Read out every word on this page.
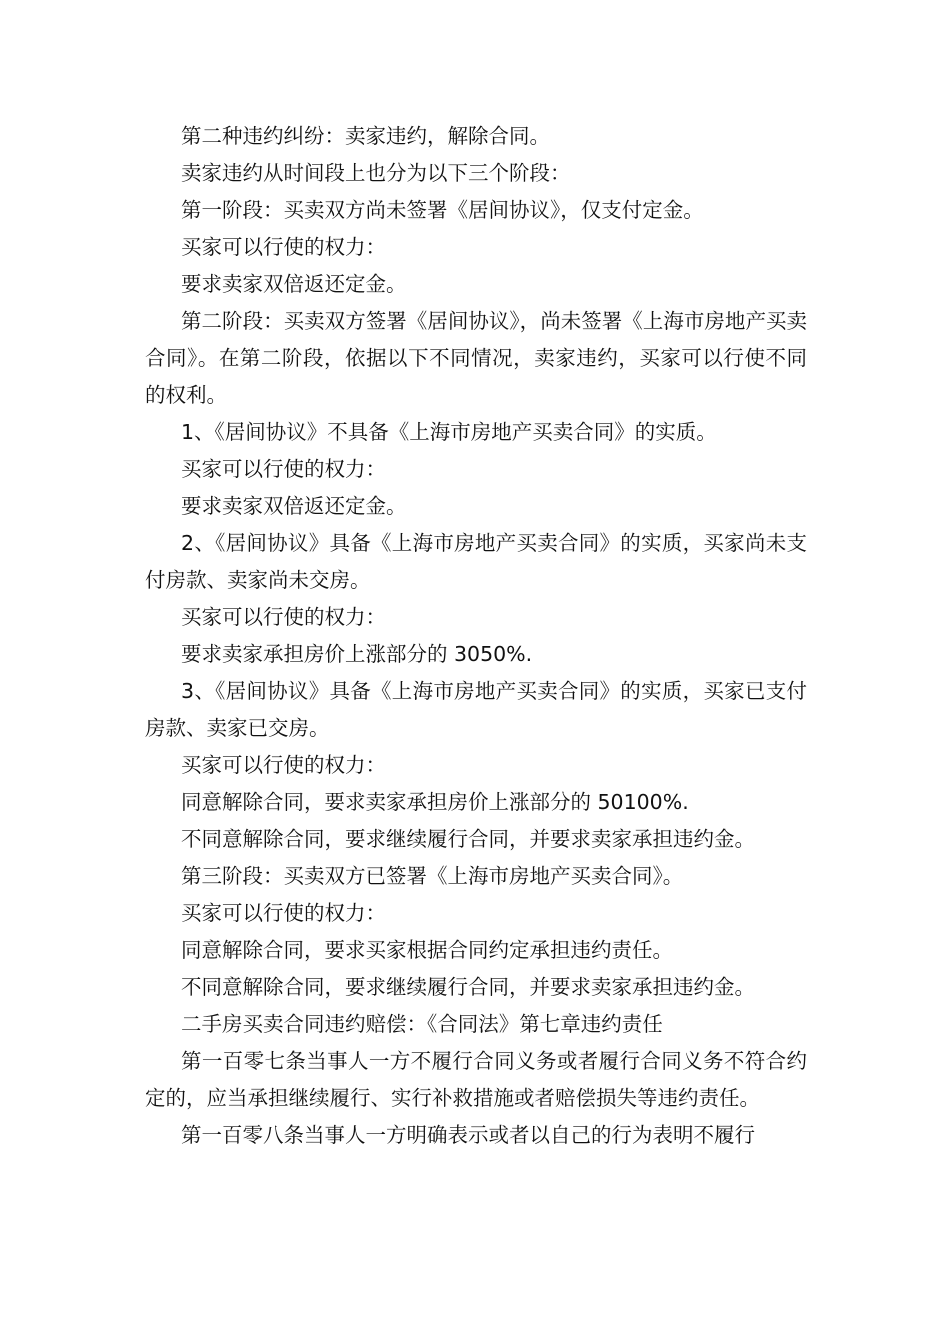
第二种违约纠纷：卖家违约，解除合同。

卖家违约从时间段上也分为以下三个阶段：

第一阶段：买卖双方尚未签署《居间协议》，仅支付定金。

买家可以行使的权力：

要求卖家双倍返还定金。

第二阶段：买卖双方签署《居间协议》，尚未签署《上海市房地产买卖合同》。在第二阶段，依据以下不同情况，卖家违约，买家可以行使不同的权利。

1、《居间协议》不具备《上海市房地产买卖合同》的实质。

买家可以行使的权力：

要求卖家双倍返还定金。

2、《居间协议》具备《上海市房地产买卖合同》的实质，买家尚未支付房款、卖家尚未交房。

买家可以行使的权力：

要求卖家承担房价上涨部分的 3050%.

3、《居间协议》具备《上海市房地产买卖合同》的实质，买家已支付房款、卖家已交房。

买家可以行使的权力：

同意解除合同，要求卖家承担房价上涨部分的 50100%.

不同意解除合同，要求继续履行合同，并要求卖家承担违约金。

第三阶段：买卖双方已签署《上海市房地产买卖合同》。

买家可以行使的权力：

同意解除合同，要求买家根据合同约定承担违约责任。

不同意解除合同，要求继续履行合同，并要求卖家承担违约金。

二手房买卖合同违约赔偿：《合同法》第七章违约责任

第一百零七条当事人一方不履行合同义务或者履行合同义务不符合约定的，应当承担继续履行、实行补救措施或者赔偿损失等违约责任。

第一百零八条当事人一方明确表示或者以自己的行为表明不履行
